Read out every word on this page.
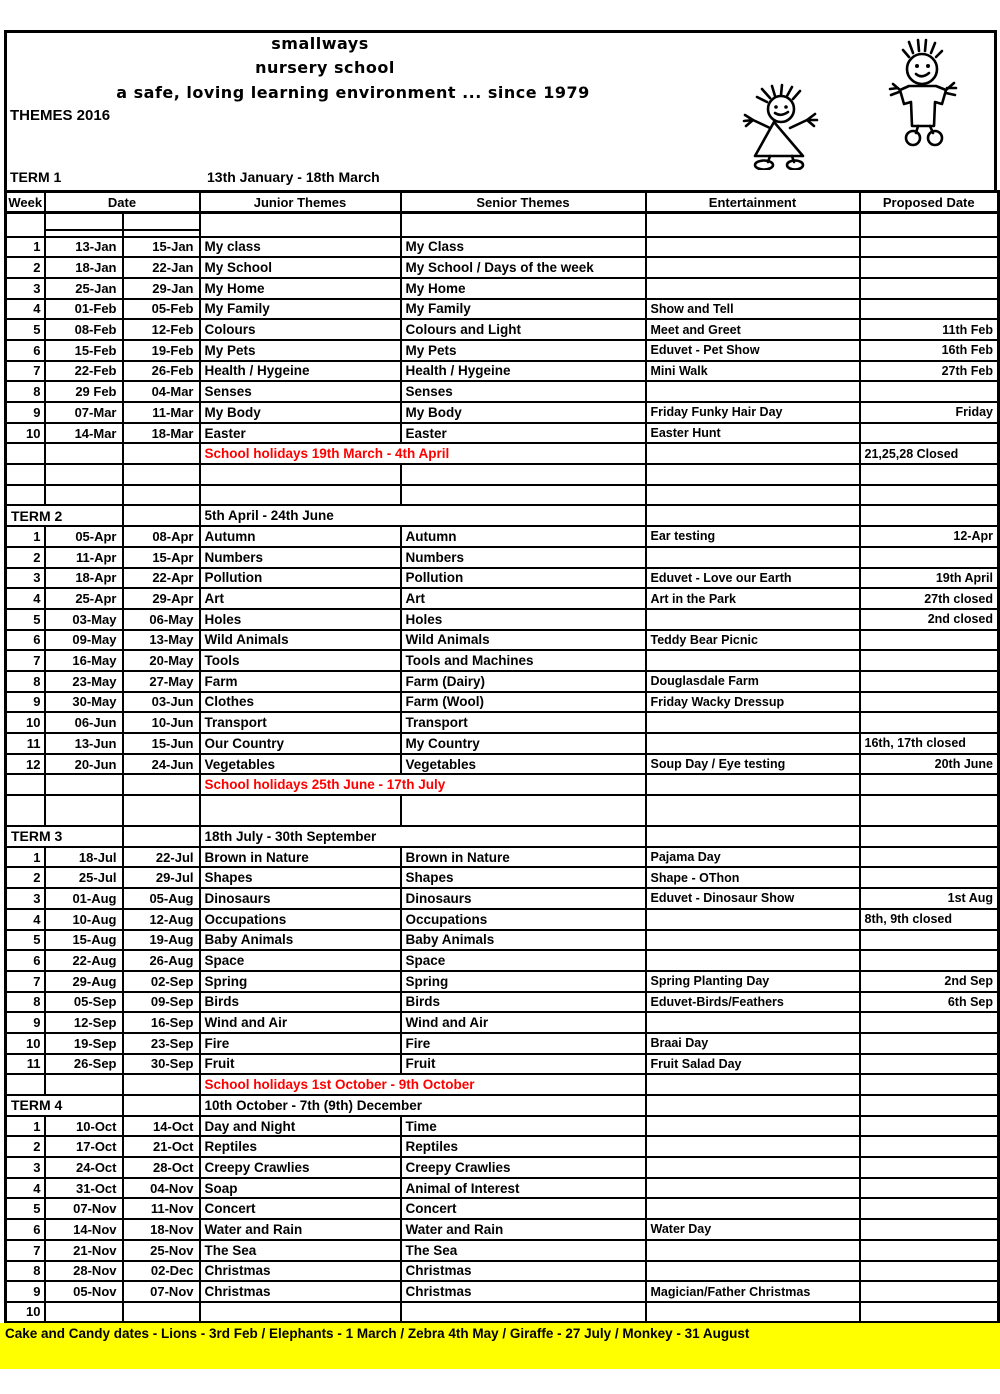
smallways
nursery school
a safe, loving learning environment ... since 1979
THEMES 2016
TERM 1	13th January - 18th March
Week	Date		Junior Themes	Senior Themes	Entertainment	Proposed Date

1	13-Jan	15-Jan	My class	My Class		
2	18-Jan	22-Jan	My School	My School / Days of the week		
3	25-Jan	29-Jan	My Home	My Home		
4	01-Feb	05-Feb	My Family	My Family	Show and Tell	
5	08-Feb	12-Feb	Colours	Colours and Light	Meet and Greet	11th Feb
6	15-Feb	19-Feb	My Pets	My Pets	Eduvet - Pet Show	16th Feb
7	22-Feb	26-Feb	Health / Hygeine	Health / Hygeine	Mini Walk	27th Feb
8	29 Feb	04-Mar	Senses	Senses		
9	07-Mar	11-Mar	My Body	My Body	Friday Funky Hair Day	Friday
10	14-Mar	18-Mar	Easter	Easter	Easter Hunt	
			School holidays 19th March - 4th April			21,25,28 Closed

TERM 2			5th April - 24th June			
1	05-Apr	08-Apr	Autumn	Autumn	Ear testing	12-Apr
2	11-Apr	15-Apr	Numbers	Numbers		
3	18-Apr	22-Apr	Pollution	Pollution	Eduvet - Love our Earth	19th April
4	25-Apr	29-Apr	Art	Art	Art in the Park	27th closed
5	03-May	06-May	Holes	Holes		2nd closed
6	09-May	13-May	Wild Animals	Wild Animals	Teddy Bear Picnic	
7	16-May	20-May	Tools	Tools and Machines		
8	23-May	27-May	Farm	Farm (Dairy)	Douglasdale Farm	
9	30-May	03-Jun	Clothes	Farm (Wool)	Friday Wacky Dressup	
10	06-Jun	10-Jun	Transport	Transport		
11	13-Jun	15-Jun	Our Country	My Country		16th, 17th closed
12	20-Jun	24-Jun	Vegetables	Vegetables	Soup Day / Eye testing	20th June
			School holidays 25th June - 17th July			

TERM 3			18th July - 30th September			
1	18-Jul	22-Jul	Brown in Nature	Brown in Nature	Pajama Day	
2	25-Jul	29-Jul	Shapes	Shapes	Shape - OThon	
3	01-Aug	05-Aug	Dinosaurs	Dinosaurs	Eduvet - Dinosaur Show	1st Aug
4	10-Aug	12-Aug	Occupations	Occupations		8th, 9th closed
5	15-Aug	19-Aug	Baby Animals	Baby Animals		
6	22-Aug	26-Aug	Space	Space		
7	29-Aug	02-Sep	Spring	Spring	Spring Planting Day	2nd Sep
8	05-Sep	09-Sep	Birds	Birds	Eduvet-Birds/Feathers	6th Sep
9	12-Sep	16-Sep	Wind and Air	Wind and Air		
10	19-Sep	23-Sep	Fire	Fire	Braai Day	
11	26-Sep	30-Sep	Fruit	Fruit	Fruit Salad Day	
			School holidays 1st October - 9th October			
TERM 4			10th October - 7th (9th) December			
1	10-Oct	14-Oct	Day and Night	Time		
2	17-Oct	21-Oct	Reptiles	Reptiles		
3	24-Oct	28-Oct	Creepy Crawlies	Creepy Crawlies		
4	31-Oct	04-Nov	Soap	Animal of Interest		
5	07-Nov	11-Nov	Concert	Concert		
6	14-Nov	18-Nov	Water and Rain	Water and Rain	Water Day	
7	21-Nov	25-Nov	The Sea	The Sea		
8	28-Nov	02-Dec	Christmas	Christmas		
9	05-Nov	07-Nov	Christmas	Christmas	Magician/Father Christmas	
10						
Cake and Candy dates - Lions - 3rd Feb / Elephants - 1 March / Zebra 4th May / Giraffe - 27 July / Monkey - 31 August
